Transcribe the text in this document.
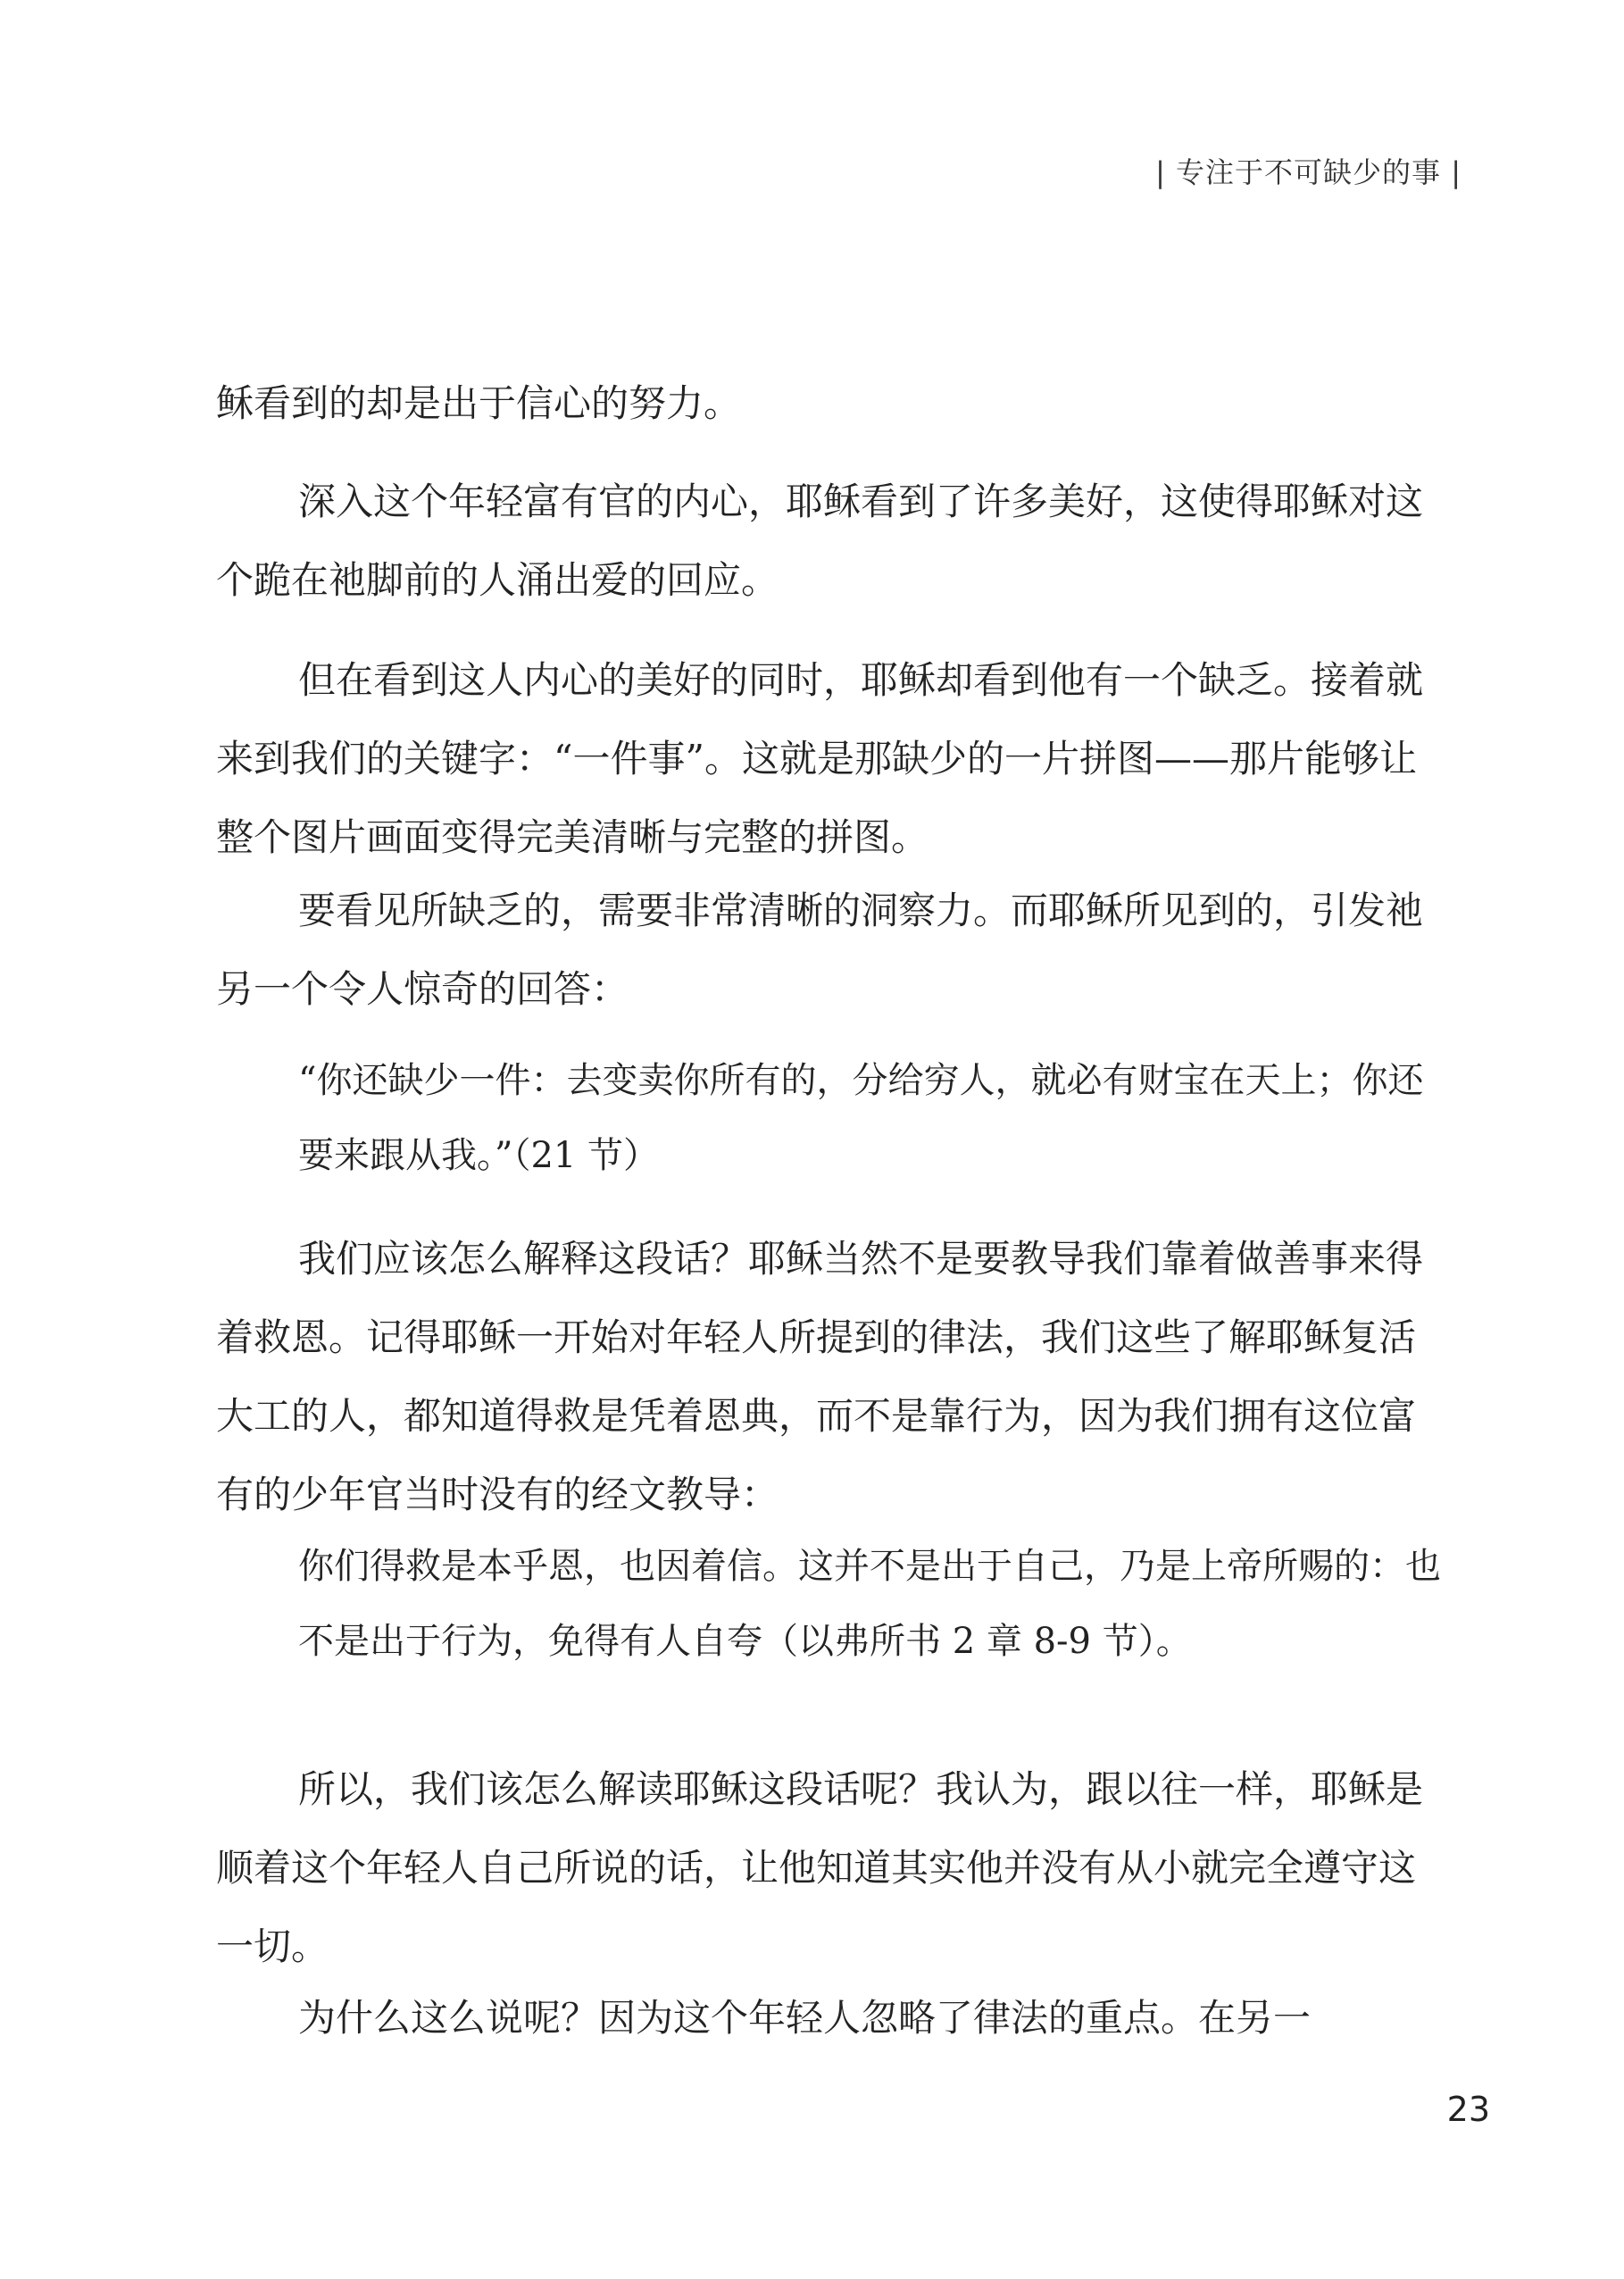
| 专注于不可缺少的事 |

稣看到的却是出于信心的努力。

深入这个年轻富有官的内心，耶稣看到了许多美好，这使得耶稣对这个跪在祂脚前的人涌出爱的回应。

但在看到这人内心的美好的同时，耶稣却看到他有一个缺乏。接着就来到我们的关键字：“一件事”。这就是那缺少的一片拼图——那片能够让整个图片画面变得完美清晰与完整的拼图。

要看见所缺乏的，需要非常清晰的洞察力。而耶稣所见到的，引发祂另一个令人惊奇的回答：

“你还缺少一件：去变卖你所有的，分给穷人，就必有财宝在天上；你还要来跟从我。”（21 节）

我们应该怎么解释这段话？耶稣当然不是要教导我们靠着做善事来得着救恩。记得耶稣一开始对年轻人所提到的律法，我们这些了解耶稣复活大工的人，都知道得救是凭着恩典，而不是靠行为，因为我们拥有这位富有的少年官当时没有的经文教导：

你们得救是本乎恩，也因着信。这并不是出于自己，乃是上帝所赐的：也不是出于行为，免得有人自夸（以弗所书 2 章 8-9 节）。

所以，我们该怎么解读耶稣这段话呢？我认为，跟以往一样，耶稣是顺着这个年轻人自己所说的话，让他知道其实他并没有从小就完全遵守这一切。

为什么这么说呢？因为这个年轻人忽略了律法的重点。在另一

23
